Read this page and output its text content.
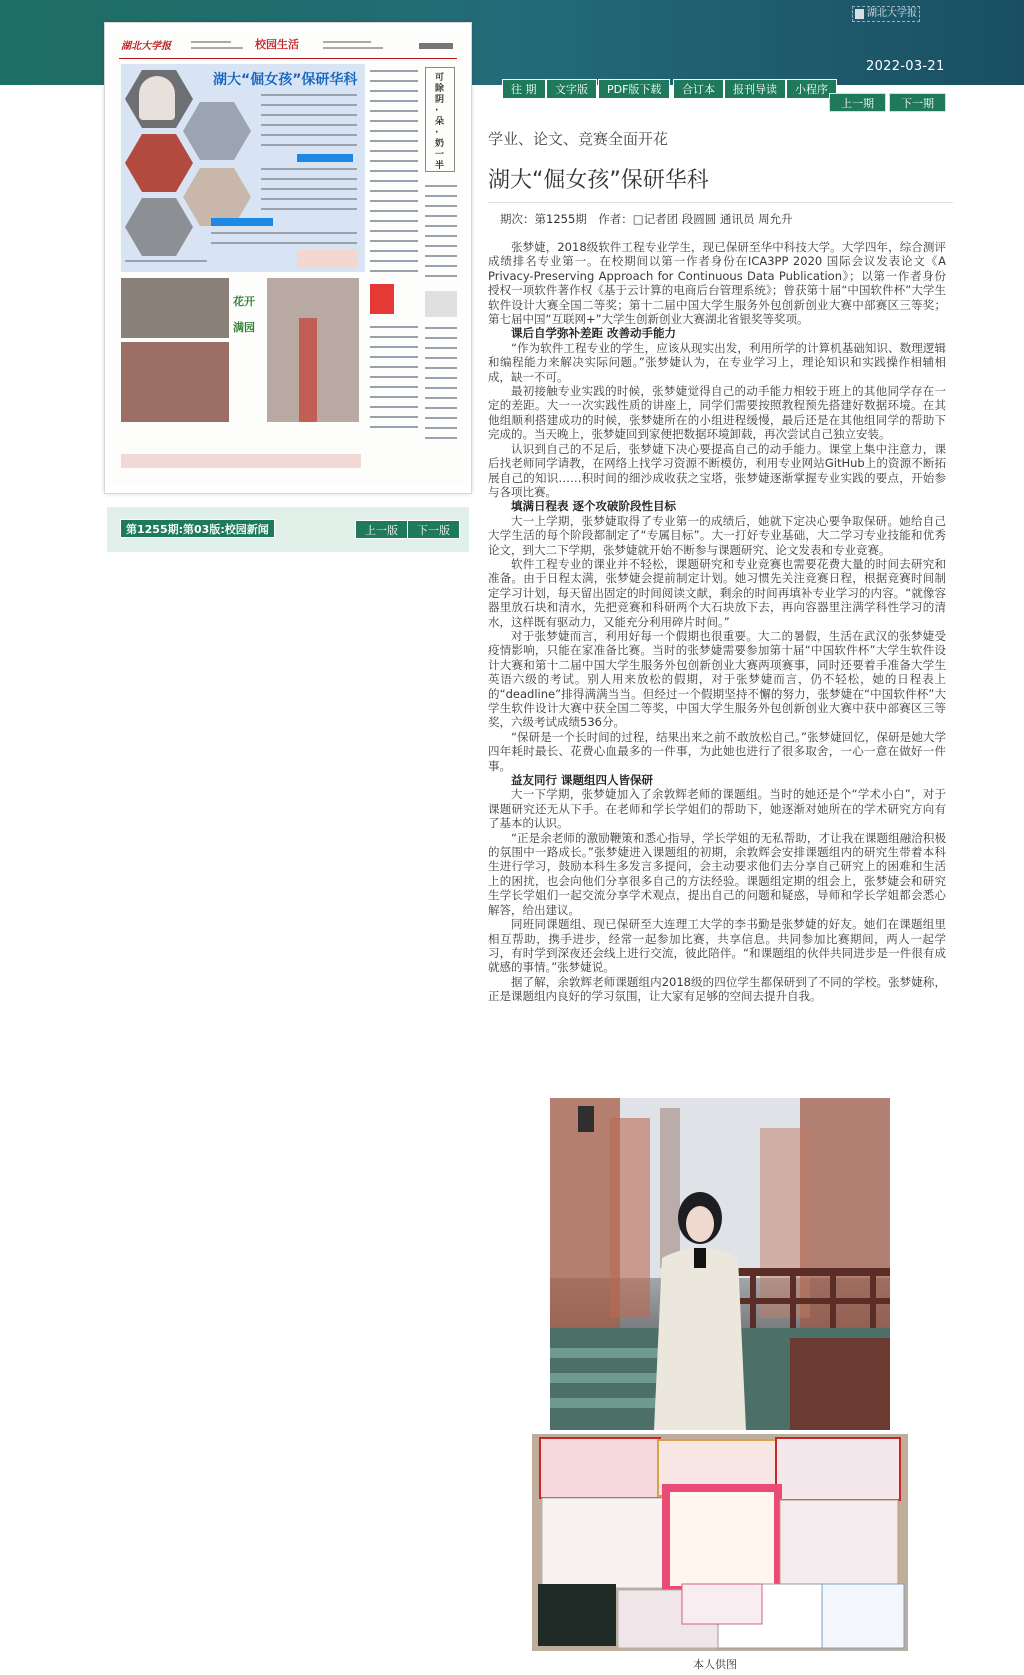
湖北大学报
2022-03-21
往 期	文字版	PDF版下载	合订本	报刊导读	小程序
上一期	下一期
湖北大学报	校园生活
湖大“倔女孩”保研华科	可除阴·朵·奶一半
花开满园
第1255期:第03版:校园新闻	上一版	下一版
学业、论文、竞赛全面开花
湖大“倔女孩”保研华科
期次：第1255期　作者：□记者团 段圆圆 通讯员 周允升

张梦婕，2018级软件工程专业学生，现已保研至华中科技大学。大学四年，综合测评成绩排名专业第一。在校期间以第一作者身份在ICA3PP 2020 国际会议发表论文《A Privacy-Preserving Approach for Continuous Data Publication》；以第一作者身份授权一项软件著作权《基于云计算的电商后台管理系统》；曾获第十届“中国软件杯”大学生软件设计大赛全国二等奖；第十二届中国大学生服务外包创新创业大赛中部赛区三等奖；第七届中国“互联网+”大学生创新创业大赛湖北省银奖等奖项。

课后自学弥补差距 改善动手能力

“作为软件工程专业的学生，应该从现实出发，利用所学的计算机基础知识、数理逻辑和编程能力来解决实际问题。”张梦婕认为，在专业学习上，理论知识和实践操作相辅相成，缺一不可。

最初接触专业实践的时候，张梦婕觉得自己的动手能力相较于班上的其他同学存在一定的差距。大一一次实践性质的讲座上，同学们需要按照教程预先搭建好数据环境。在其他组顺利搭建成功的时候，张梦婕所在的小组进程缓慢，最后还是在其他组同学的帮助下完成的。当天晚上，张梦婕回到家便把数据环境卸载，再次尝试自己独立安装。

认识到自己的不足后，张梦婕下决心要提高自己的动手能力。课堂上集中注意力，课后找老师同学请教，在网络上找学习资源不断模仿，利用专业网站GitHub上的资源不断拓展自己的知识……积时间的细沙成收获之宝塔，张梦婕逐渐掌握专业实践的要点，开始参与各项比赛。

填满日程表 逐个攻破阶段性目标

大一上学期，张梦婕取得了专业第一的成绩后，她就下定决心要争取保研。她给自己大学生活的每个阶段都制定了“专属目标”。大一打好专业基础，大二学习专业技能和优秀论文，到大二下学期，张梦婕就开始不断参与课题研究、论文发表和专业竞赛。

软件工程专业的课业并不轻松，课题研究和专业竞赛也需要花费大量的时间去研究和准备。由于日程太满，张梦婕会提前制定计划。她习惯先关注竞赛日程，根据竞赛时间制定学习计划，每天留出固定的时间阅读文献，剩余的时间再填补专业学习的内容。“就像容器里放石块和清水，先把竞赛和科研两个大石块放下去，再向容器里注满学科性学习的清水，这样既有驱动力，又能充分利用碎片时间。”

对于张梦婕而言，利用好每一个假期也很重要。大二的暑假，生活在武汉的张梦婕受疫情影响，只能在家准备比赛。当时的张梦婕需要参加第十届“中国软件杯”大学生软件设计大赛和第十二届中国大学生服务外包创新创业大赛两项赛事，同时还要着手准备大学生英语六级的考试。别人用来放松的假期，对于张梦婕而言，仍不轻松，她的日程表上的“deadline”排得满满当当。但经过一个假期坚持不懈的努力，张梦婕在“中国软件杯”大学生软件设计大赛中获全国二等奖，中国大学生服务外包创新创业大赛中获中部赛区三等奖，六级考试成绩536分。

“保研是一个长时间的过程，结果出来之前不敢放松自己。”张梦婕回忆，保研是她大学四年耗时最长、花费心血最多的一件事，为此她也进行了很多取舍，一心一意在做好一件事。

益友同行 课题组四人皆保研

大一下学期，张梦婕加入了余敦辉老师的课题组。当时的她还是个“学术小白”，对于课题研究还无从下手。在老师和学长学姐们的帮助下，她逐渐对她所在的学术研究方向有了基本的认识。

“正是余老师的激励鞭策和悉心指导，学长学姐的无私帮助，才让我在课题组融洽积极的氛围中一路成长。”张梦婕进入课题组的初期，余敦辉会安排课题组内的研究生带着本科生进行学习，鼓励本科生多发言多提问，会主动要求他们去分享自己研究上的困难和生活上的困扰，也会向他们分享很多自己的方法经验。课题组定期的组会上，张梦婕会和研究生学长学姐们一起交流分享学术观点，提出自己的问题和疑惑，导师和学长学姐都会悉心解答，给出建议。

同班同课题组、现已保研至大连理工大学的李书勤是张梦婕的好友。她们在课题组里相互帮助，携手进步，经常一起参加比赛，共享信息。共同参加比赛期间，两人一起学习，有时学到深夜还会线上进行交流，彼此陪伴。“和课题组的伙伴共同进步是一件很有成就感的事情。”张梦婕说。

据了解，余敦辉老师课题组内2018级的四位学生都保研到了不同的学校。张梦婕称，正是课题组内良好的学习氛围，让大家有足够的空间去提升自我。

本人供图
